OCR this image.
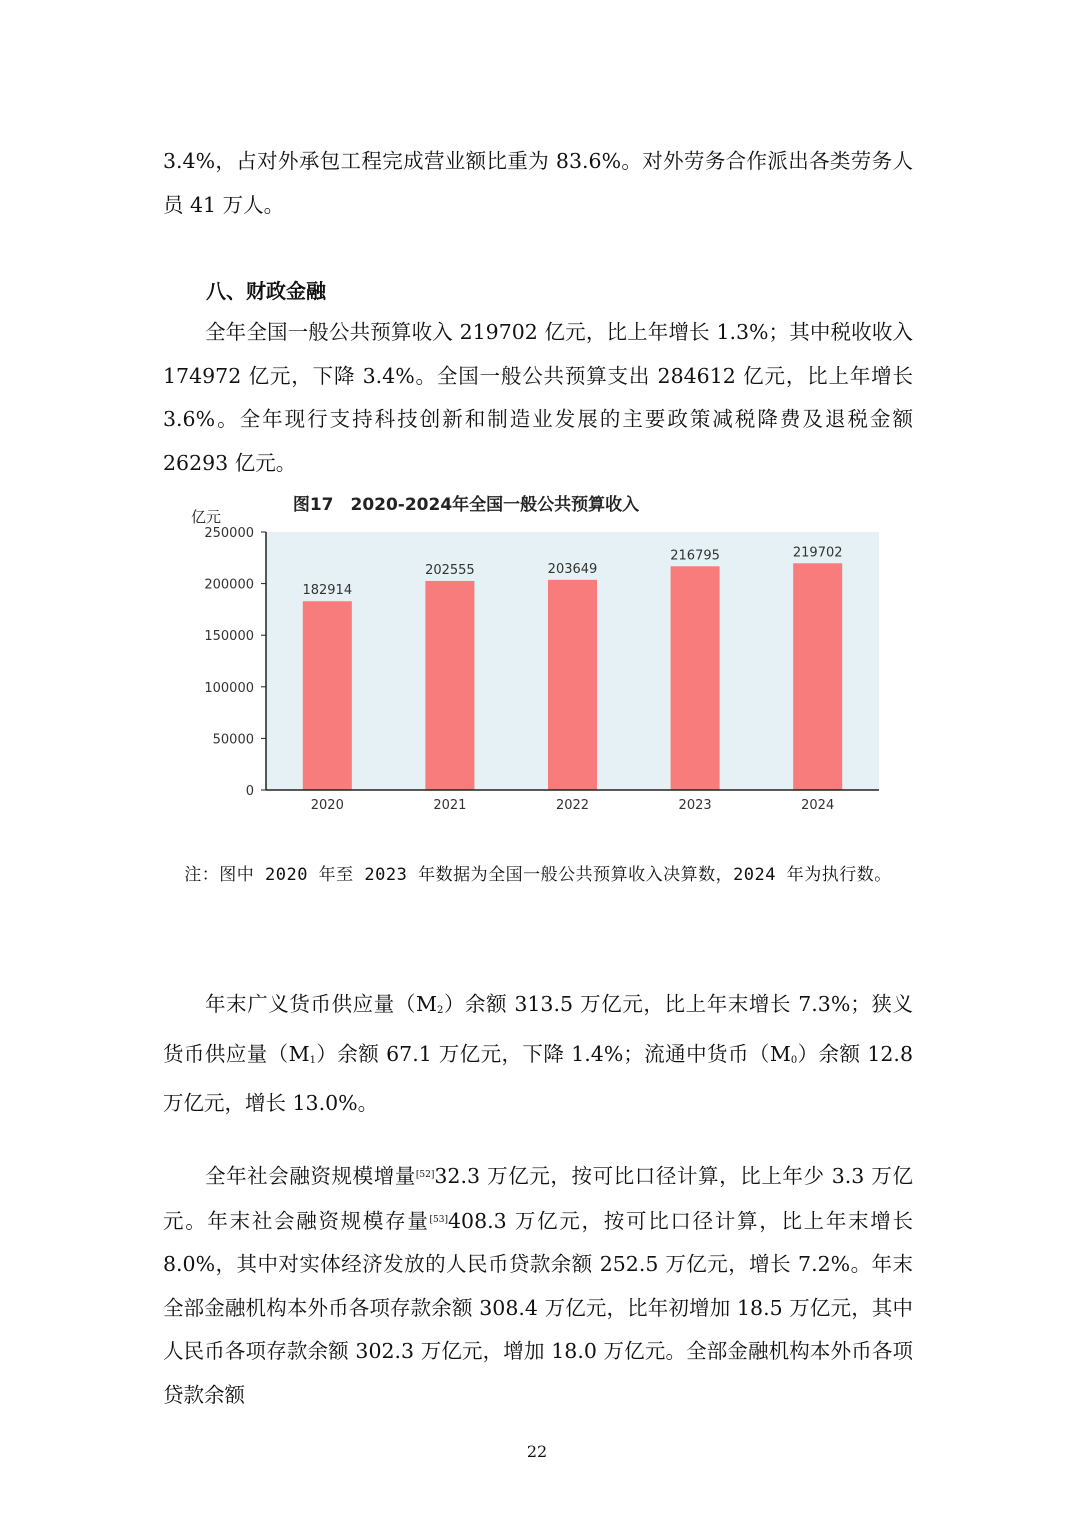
3.4%，占对外承包工程完成营业额比重为 83.6%。对外劳务合作派出各类劳务人员 41 万人。

八、财政金融

全年全国一般公共预算收入 219702 亿元，比上年增长 1.3%；其中税收收入 174972 亿元，下降 3.4%。全国一般公共预算支出 284612 亿元，比上年增长 3.6%。全年现行支持科技创新和制造业发展的主要政策减税降费及退税金额 26293 亿元。

图17　2020-2024年全国一般公共预算收入
亿元
0
50000
100000
150000
200000
250000
182914
202555	203649
216795	219702
2020	2021	2022	2023	2024

注：图中 2020 年至 2023 年数据为全国一般公共预算收入决算数，2024 年为执行数。

年末广义货币供应量$(M_2)$余额 313.5 万亿元，比上年末增长 7.3%；狭义货币供应量$(M_1)$余额 67.1 万亿元，下降 1.4%；流通中货币$(M_0)$余额 12.8 万亿元，增长 13.0%。

全年社会融资规模增量[52]32.3 万亿元，按可比口径计算，比上年少 3.3 万亿元。年末社会融资规模存量[53]408.3 万亿元，按可比口径计算，比上年末增长 8.0%，其中对实体经济发放的人民币贷款余额 252.5 万亿元，增长 7.2%。年末全部金融机构本外币各项存款余额 308.4 万亿元，比年初增加 18.5 万亿元，其中人民币各项存款余额 302.3 万亿元，增加 18.0 万亿元。全部金融机构本外币各项贷款余额

22
